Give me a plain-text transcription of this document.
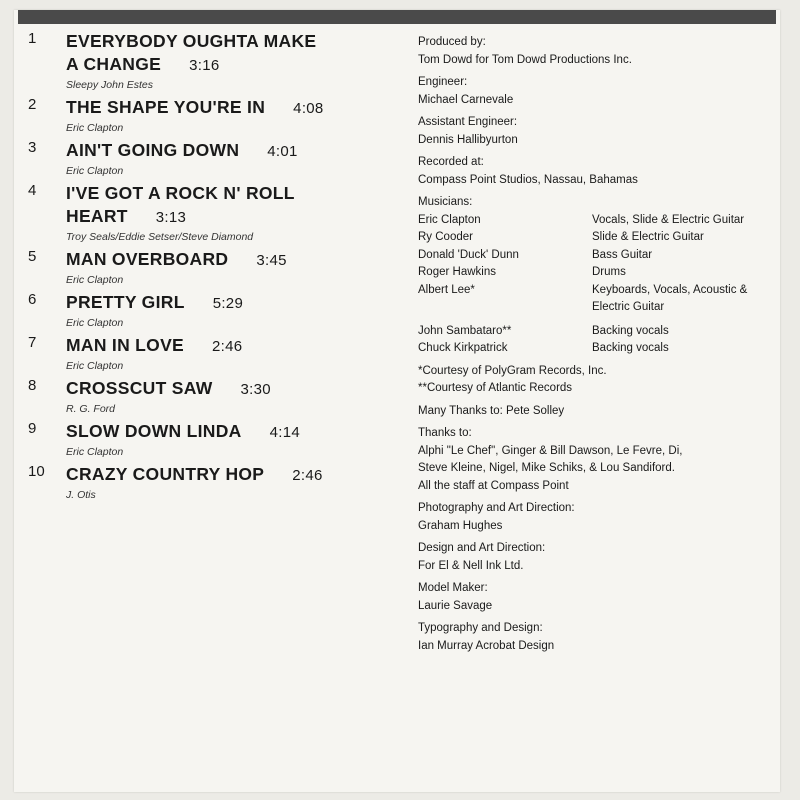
1	EVERYBODY OUGHTA MAKE
A CHANGE 3:16
Sleepy John Estes
2	THE SHAPE YOU'RE IN 4:08
Eric Clapton
3	AIN'T GOING DOWN 4:01
Eric Clapton
4	I'VE GOT A ROCK N' ROLL
HEART 3:13
Troy Seals/Eddie Setser/Steve Diamond
5	MAN OVERBOARD 3:45
Eric Clapton
6	PRETTY GIRL 5:29
Eric Clapton
7	MAN IN LOVE 2:46
Eric Clapton
8	CROSSCUT SAW 3:30
R. G. Ford
9	SLOW DOWN LINDA 4:14
Eric Clapton
10	CRAZY COUNTRY HOP 2:46
J. Otis
Produced by:
Tom Dowd for Tom Dowd Productions Inc.
Engineer:
Michael Carnevale
Assistant Engineer:
Dennis Hallibyurton
Recorded at:
Compass Point Studios, Nassau, Bahamas
Musicians:
Eric Clapton	Vocals, Slide & Electric Guitar
Ry Cooder	Slide & Electric Guitar
Donald 'Duck' Dunn	Bass Guitar
Roger Hawkins	Drums
Albert Lee*	Keyboards, Vocals, Acoustic &
Electric Guitar
John Sambataro**	Backing vocals
Chuck Kirkpatrick	Backing vocals
*Courtesy of PolyGram Records, Inc.
**Courtesy of Atlantic Records
Many Thanks to: Pete Solley
Thanks to:
Alphi "Le Chef", Ginger & Bill Dawson, Le Fevre, Di,
Steve Kleine, Nigel, Mike Schiks, & Lou Sandiford.
All the staff at Compass Point
Photography and Art Direction:
Graham Hughes
Design and Art Direction:
For El & Nell Ink Ltd.
Model Maker:
Laurie Savage
Typography and Design:
Ian Murray Acrobat Design
